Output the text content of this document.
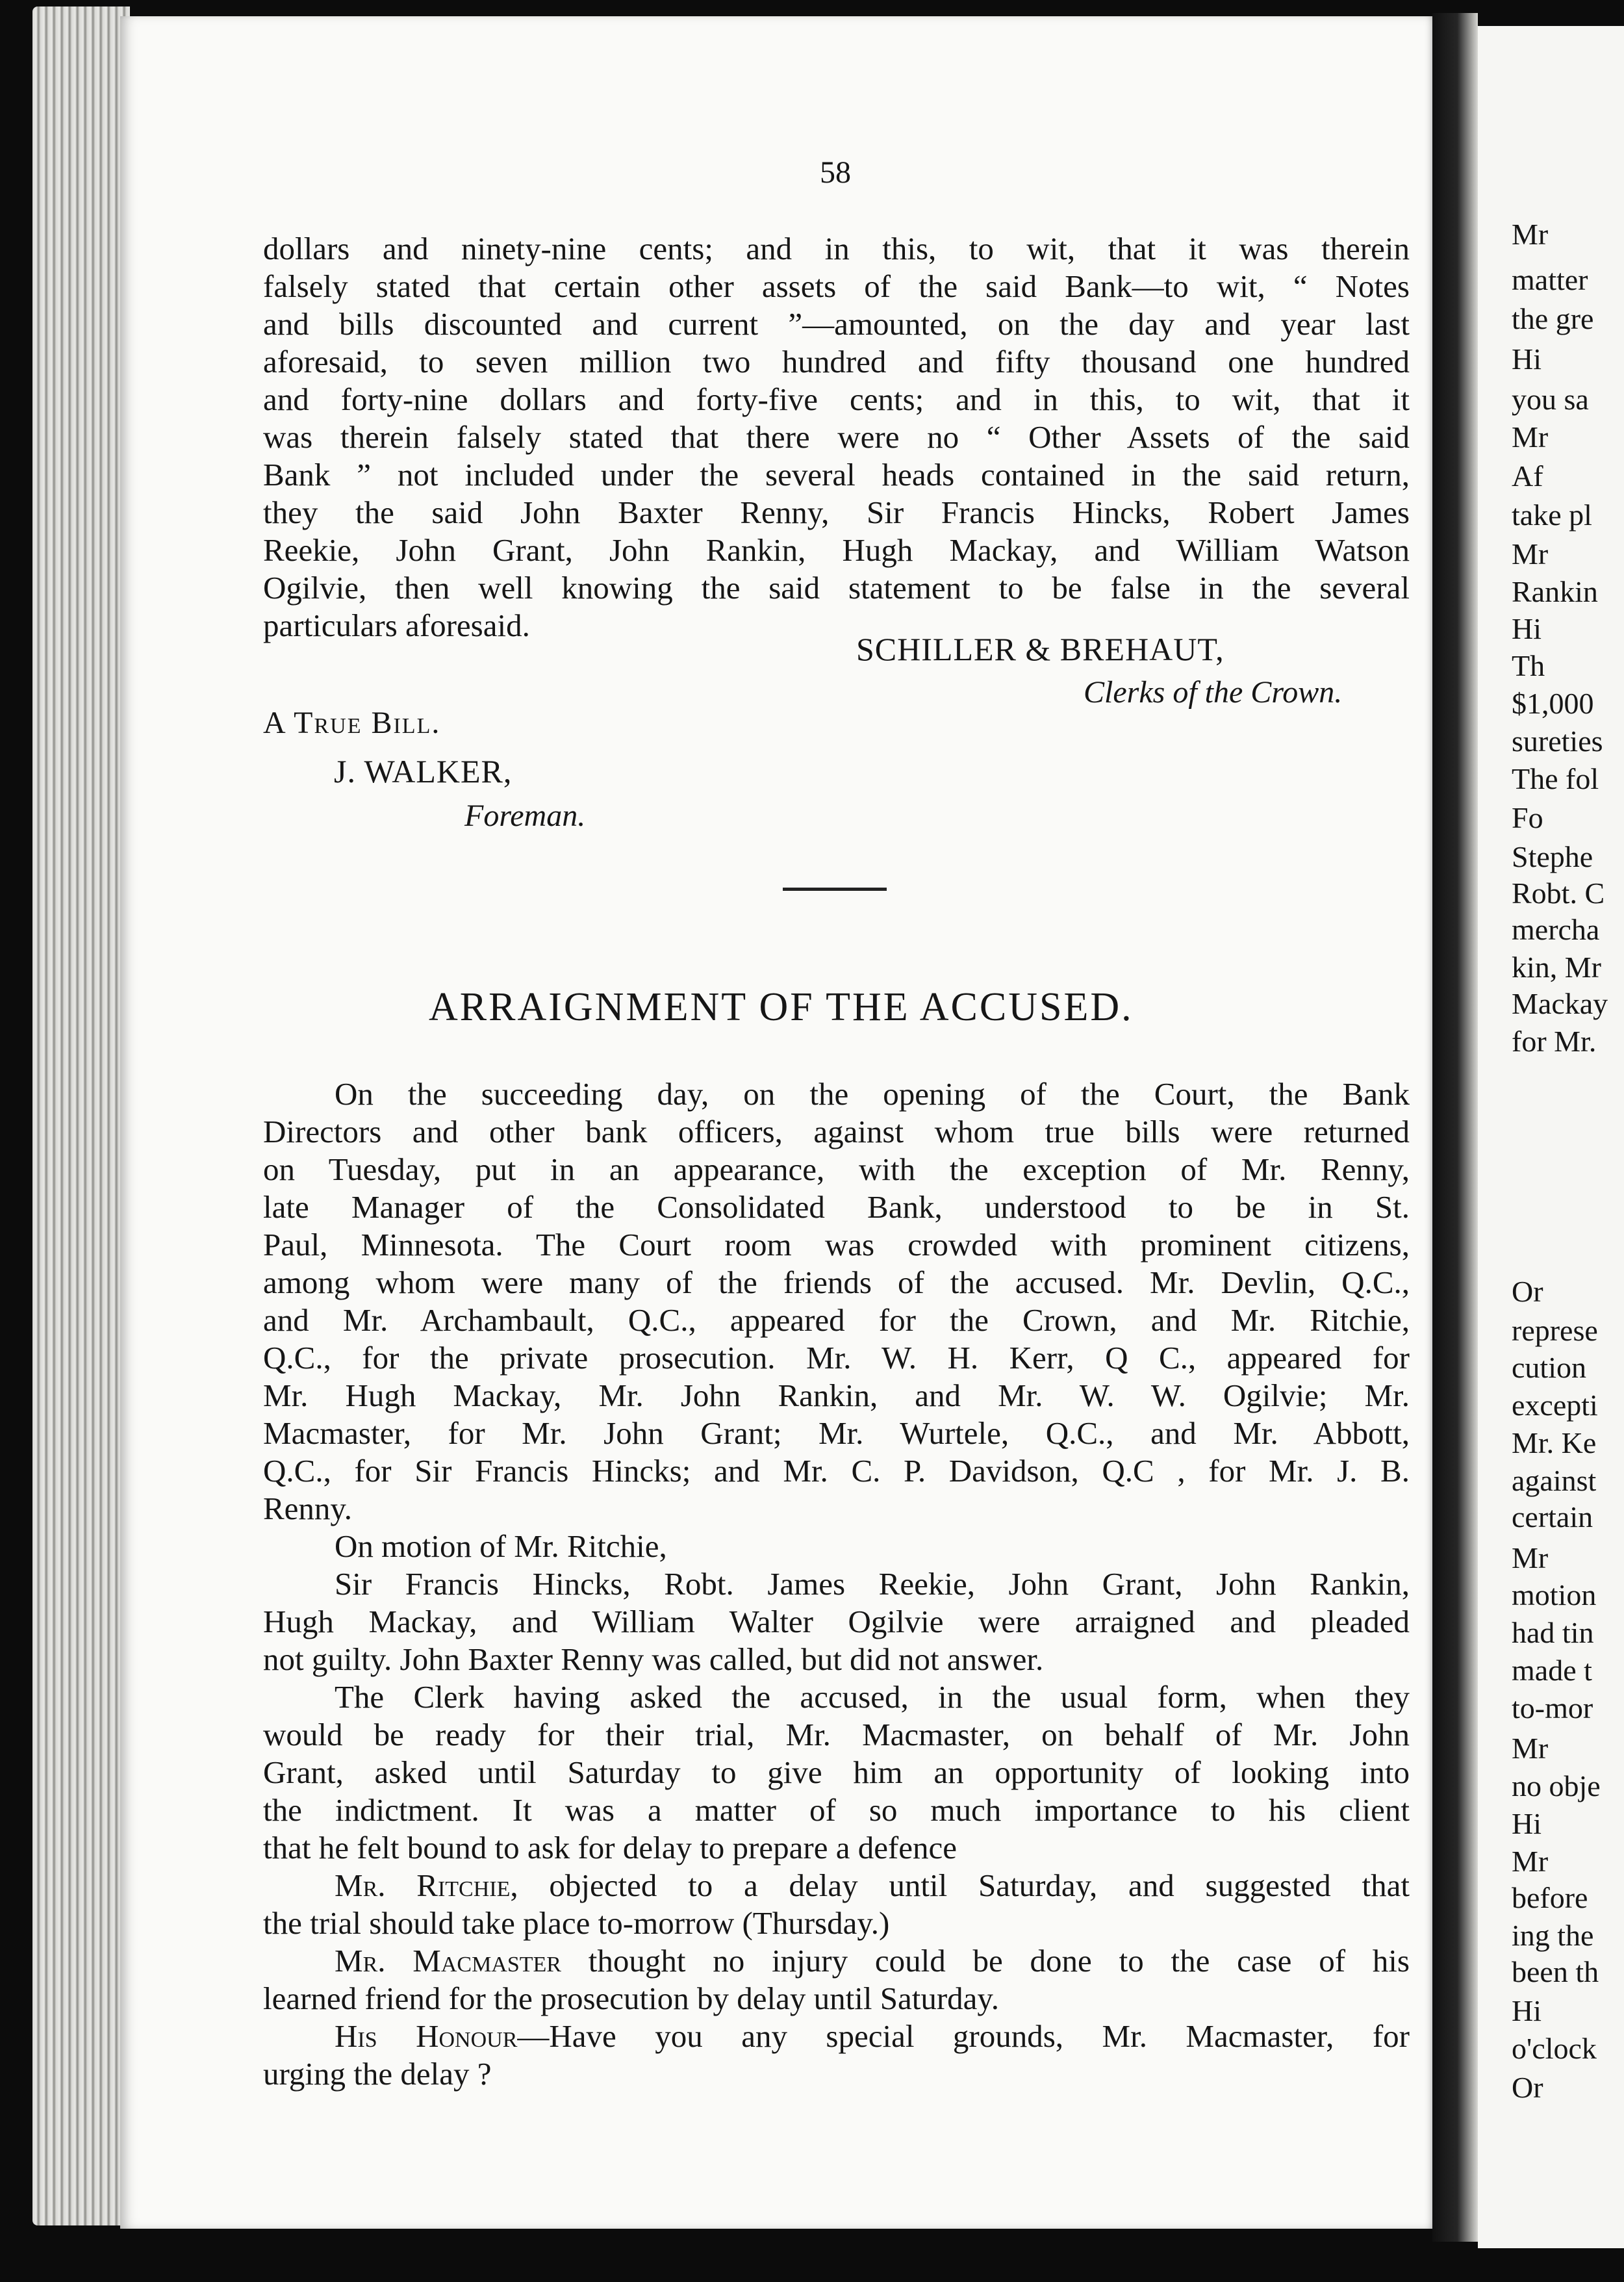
58
dollars and ninety-nine cents; and in this, to wit, that it was therein
falsely stated that certain other assets of the said Bank—to wit, “ Notes
and bills discounted and current ”—amounted, on the day and year last
aforesaid, to seven million two hundred and fifty thousand one hundred
and forty-nine dollars and forty-five cents; and in this, to wit, that it
was therein falsely stated that there were no “ Other Assets of the said
Bank ” not included under the several heads contained in the said return,
they the said John Baxter Renny, Sir Francis Hincks, Robert James
Reekie, John Grant, John Rankin, Hugh Mackay, and William Watson
Ogilvie, then well knowing the said statement to be false in the several
particulars aforesaid.
SCHILLER & BREHAUT,
Clerks of the Crown.
A True Bill.
J. WALKER,
Foreman.
ARRAIGNMENT OF THE ACCUSED.
On the succeeding day, on the opening of the Court, the Bank
Directors and other bank officers, against whom true bills were returned
on Tuesday, put in an appearance, with the exception of Mr. Renny,
late Manager of the Consolidated Bank, understood to be in St.
Paul, Minnesota. The Court room was crowded with prominent citizens,
among whom were many of the friends of the accused. Mr. Devlin, Q.C.,
and Mr. Archambault, Q.C., appeared for the Crown, and Mr. Ritchie,
Q.C., for the private prosecution. Mr. W. H. Kerr, Q C., appeared for
Mr. Hugh Mackay, Mr. John Rankin, and Mr. W. W. Ogilvie; Mr.
Macmaster, for Mr. John Grant; Mr. Wurtele, Q.C., and Mr. Abbott,
Q.C., for Sir Francis Hincks; and Mr. C. P. Davidson, Q.C , for Mr. J. B.
Renny.
On motion of Mr. Ritchie,
Sir Francis Hincks, Robt. James Reekie, John Grant, John Rankin,
Hugh Mackay, and William Walter Ogilvie were arraigned and pleaded
not guilty. John Baxter Renny was called, but did not answer.
The Clerk having asked the accused, in the usual form, when they
would be ready for their trial, Mr. Macmaster, on behalf of Mr. John
Grant, asked until Saturday to give him an opportunity of looking into
the indictment. It was a matter of so much importance to his client
that he felt bound to ask for delay to prepare a defence
Mr. Ritchie, objected to a delay until Saturday, and suggested that
the trial should take place to-morrow (Thursday.)
Mr. Macmaster thought no injury could be done to the case of his
learned friend for the prosecution by delay until Saturday.
His Honour—Have you any special grounds, Mr. Macmaster, for
urging the delay ?
Mr
matter
the gre
Hi
you sa
Mr
Af
take pl
Mr
Rankin
Hi
Th
$1,000
sureties
The fol
Fo
Stephe
Robt. C
mercha
kin, Mr
Mackay
for Mr.
Or
represe
cution
excepti
Mr. Ke
against
certain
Mr
motion
had tin
made t
to-mor
Mr
no obje
Hi
Mr
before
ing the
been th
Hi
o'clock
Or
